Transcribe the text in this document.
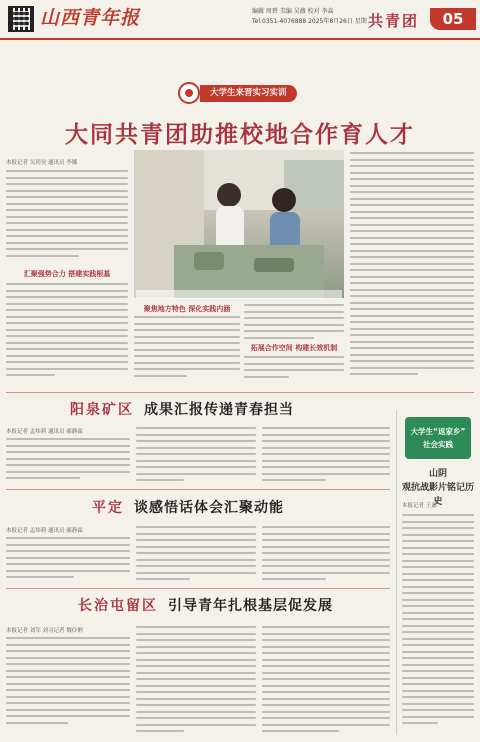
山西青年报	编辑 周碧 美编 吴薇 校对 李焱
Tel:0351-4076888 2025年8月26日 星期二
共青团	05
大学生来晋实习实训
大同共青团助推校地合作育人才
本报记者 吴玥昊 通讯员 李娜
汇聚强势合力 搭建实践根基
聚焦地方特色 深化实践内涵
拓展合作空间 构建长效机制
阳泉矿区 成果汇报传递青春担当
本报记者 孟炜莉 通讯员 郝静霖
平定 谈感悟话体会汇聚动能
本报记者 孟炜莉 通讯员 郝静霖
长治屯留区 引导青年扎根基层促发展
本报记者 刘军 刘习记者 魏伶俐
大学生“返家乡”
社会实践
山阴
观抗战影片铭记历史
本报记者 王嘉
